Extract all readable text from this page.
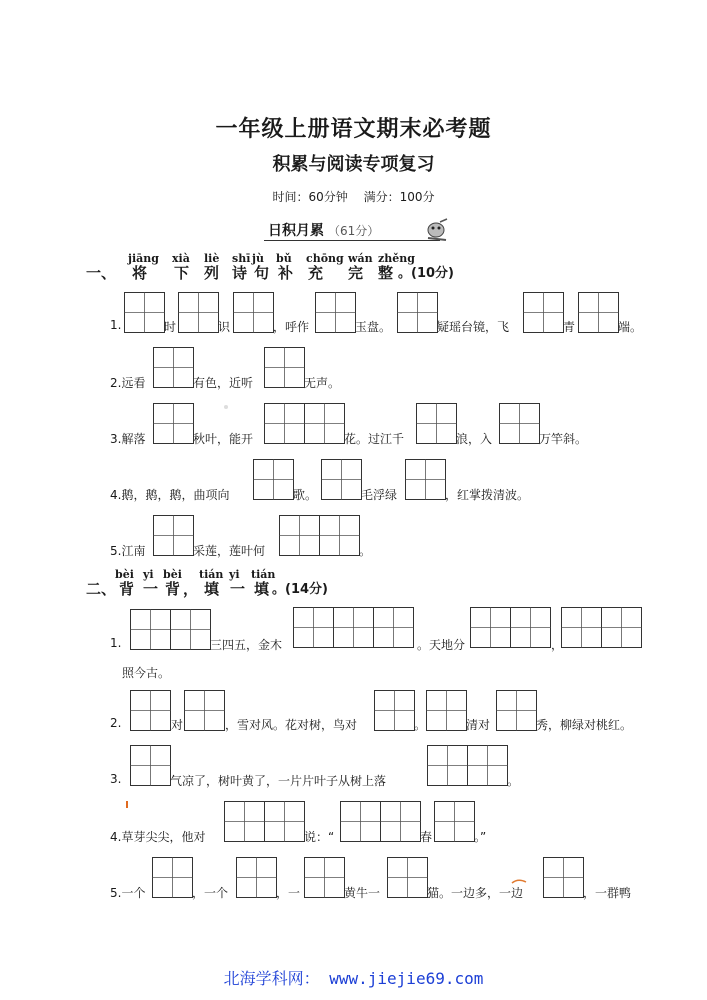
一年级上册语文期末必考题
积累与阅读专项复习
时间：60分钟 满分：100分
日积月累 （61分）
jiāng xià liè shī jù bǔ chōng wán zhěng
一、 将 下 列 诗 句 补 充 完 整 。(10分)
1.	时	识	，呼作	玉盘。	疑瑶台镜，飞	青	端。
2.远看	有色，近听	无声。
3.解落	秋叶，能开	花。过江千	浪，入	万竿斜。
4.鹅，鹅，鹅，曲项向	歌。	毛浮绿	，红掌拨清波。
5.江南	采莲，莲叶何	。
bèi yi bèi tián yi tián
二、 背 一 背 ， 填 一 填 。(14分)
1.	三四五，金木	。天地分	，
照今古。
2.	对	，雪对风。花对树，鸟对	。	清对	秀，柳绿对桃红。
3.	气凉了，树叶黄了，一片片叶子从树上落	。
4.草芽尖尖，他对	说：“	春	。”
5.一个	，一个	，一	黄牛一	猫。一边多，一边	，一群鸭
北海学科网： www.jiejie69.com
